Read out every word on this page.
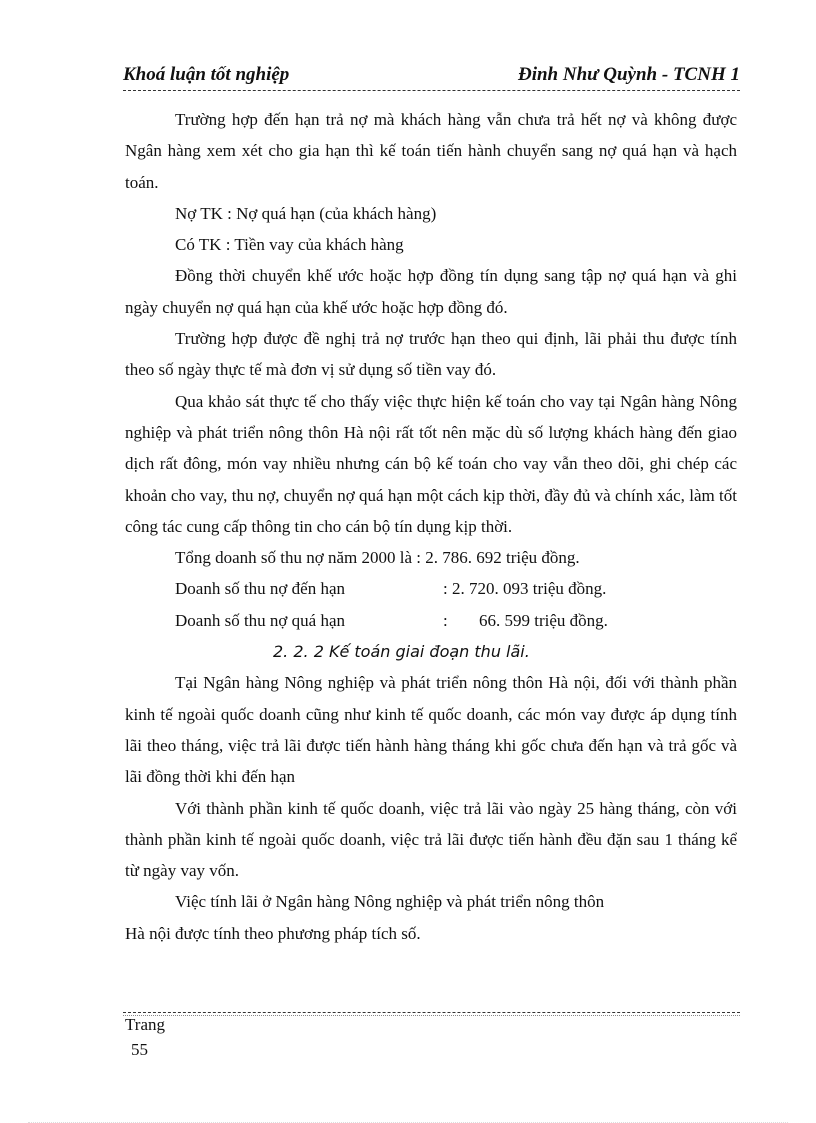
Khoá luận tốt nghiệp	Đinh Như Quỳnh - TCNH 1

Trường hợp đến hạn trả nợ mà khách hàng vẫn chưa trả hết nợ và không được Ngân hàng xem xét cho gia hạn thì kế toán tiến hành chuyển sang nợ quá hạn và hạch toán.

Nợ TK : Nợ quá hạn (của khách hàng)

Có TK : Tiền vay của khách hàng

Đồng thời chuyển khế ước hoặc hợp đồng tín dụng sang tập nợ quá hạn và ghi ngày chuyển nợ quá hạn của khế ước hoặc hợp đồng đó.

Trường hợp được đề nghị trả nợ trước hạn theo qui định, lãi phải thu được tính theo số ngày thực tế mà đơn vị sử dụng số tiền vay đó.

Qua khảo sát thực tế cho thấy việc thực hiện kế toán cho vay tại Ngân hàng Nông nghiệp và phát triển nông thôn Hà nội rất tốt nên mặc dù số lượng khách hàng đến giao dịch rất đông, món vay nhiều nhưng cán bộ kế toán cho vay vẫn theo dõi, ghi chép các khoản cho vay, thu nợ, chuyển nợ quá hạn một cách kịp thời, đầy đủ và chính xác, làm tốt công tác cung cấp thông tin cho cán bộ tín dụng kịp thời.

Tổng doanh số thu nợ năm 2000 là : 2. 786. 692 triệu đồng.

Doanh số thu nợ đến hạn	: 2. 720. 093 triệu đồng.
Doanh số thu nợ quá hạn	:	66. 599 triệu đồng.

2. 2. 2 Kế toán giai đoạn thu lãi.

Tại Ngân hàng Nông nghiệp và phát triển nông thôn Hà nội, đối với thành phần kinh tế ngoài quốc doanh cũng như kinh tế quốc doanh, các món vay được áp dụng tính lãi theo tháng, việc trả lãi được tiến hành hàng tháng khi gốc chưa đến hạn và trả gốc và lãi đồng thời khi đến hạn

Với thành phần kinh tế quốc doanh, việc trả lãi vào ngày 25 hàng tháng, còn với thành phần kinh tế ngoài quốc doanh, việc trả lãi được tiến hành đều đặn sau 1 tháng kể từ ngày vay vốn.

Việc tính lãi ở Ngân hàng Nông nghiệp và phát triển nông thôn

Hà nội được tính theo phương pháp tích số.

Trang
55
